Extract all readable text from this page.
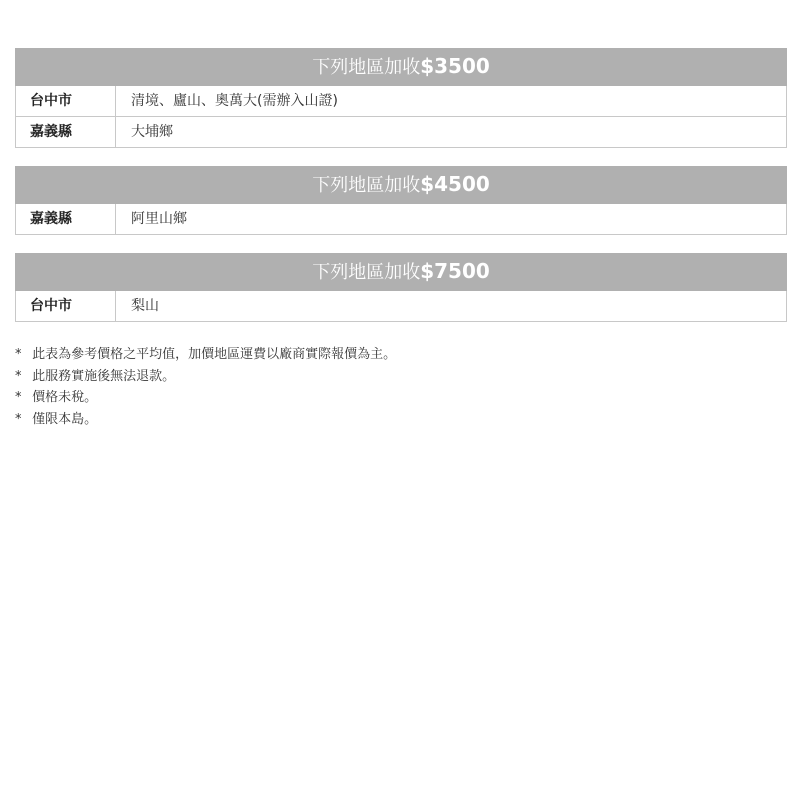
下列地區加收$3500	
台中市	清境、廬山、奧萬大(需辦入山證)
嘉義縣	大埔鄉
下列地區加收$4500
嘉義縣	阿里山鄉
下列地區加收$7500
台中市	梨山
* 此表為參考價格之平均值，加價地區運費以廠商實際報價為主。
* 此服務實施後無法退款。
* 價格未稅。
* 僅限本島。
